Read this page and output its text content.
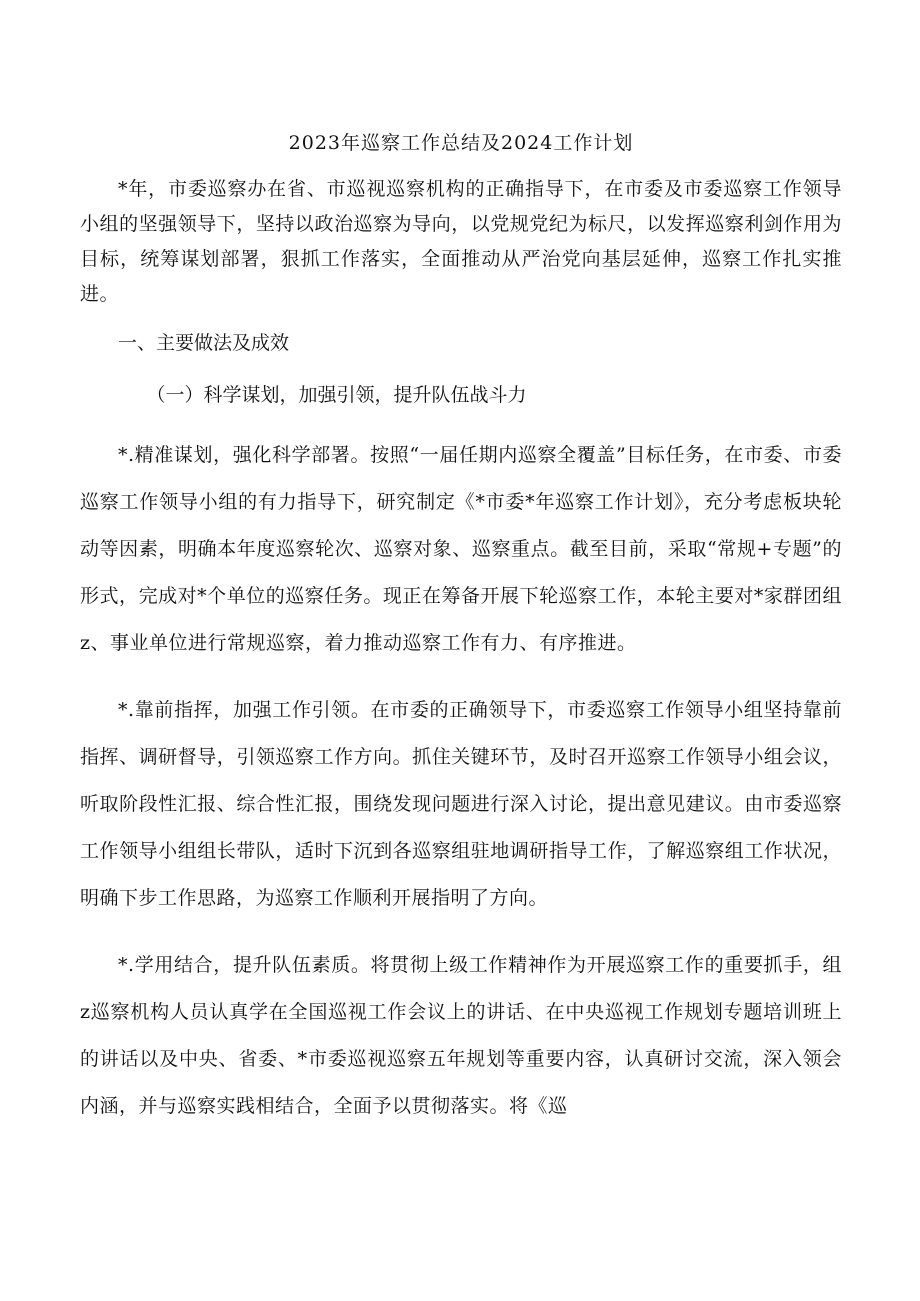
2023年巡察工作总结及2024工作计划

*年，市委巡察办在省、市巡视巡察机构的正确指导下，在市委及市委巡察工作领导小组的坚强领导下，坚持以政治巡察为导向，以党规党纪为标尺，以发挥巡察利剑作用为目标，统筹谋划部署，狠抓工作落实，全面推动从严治党向基层延伸，巡察工作扎实推进。

一、主要做法及成效

（一）科学谋划，加强引领，提升队伍战斗力

*.精准谋划，强化科学部署。按照“一届任期内巡察全覆盖”目标任务，在市委、市委巡察工作领导小组的有力指导下，研究制定《*市委*年巡察工作计划》，充分考虑板块轮动等因素，明确本年度巡察轮次、巡察对象、巡察重点。截至目前，采取“常规+专题”的形式，完成对*个单位的巡察任务。现正在筹备开展下轮巡察工作，本轮主要对*家群团组z、事业单位进行常规巡察，着力推动巡察工作有力、有序推进。

*.靠前指挥，加强工作引领。在市委的正确领导下，市委巡察工作领导小组坚持靠前指挥、调研督导，引领巡察工作方向。抓住关键环节，及时召开巡察工作领导小组会议，听取阶段性汇报、综合性汇报，围绕发现问题进行深入讨论，提出意见建议。由市委巡察工作领导小组组长带队，适时下沉到各巡察组驻地调研指导工作，了解巡察组工作状况，明确下步工作思路，为巡察工作顺利开展指明了方向。

*.学用结合，提升队伍素质。将贯彻上级工作精神作为开展巡察工作的重要抓手，组z巡察机构人员认真学在全国巡视工作会议上的讲话、在中央巡视工作规划专题培训班上的讲话以及中央、省委、*市委巡视巡察五年规划等重要内容，认真研讨交流，深入领会内涵，并与巡察实践相结合，全面予以贯彻落实。将《巡
